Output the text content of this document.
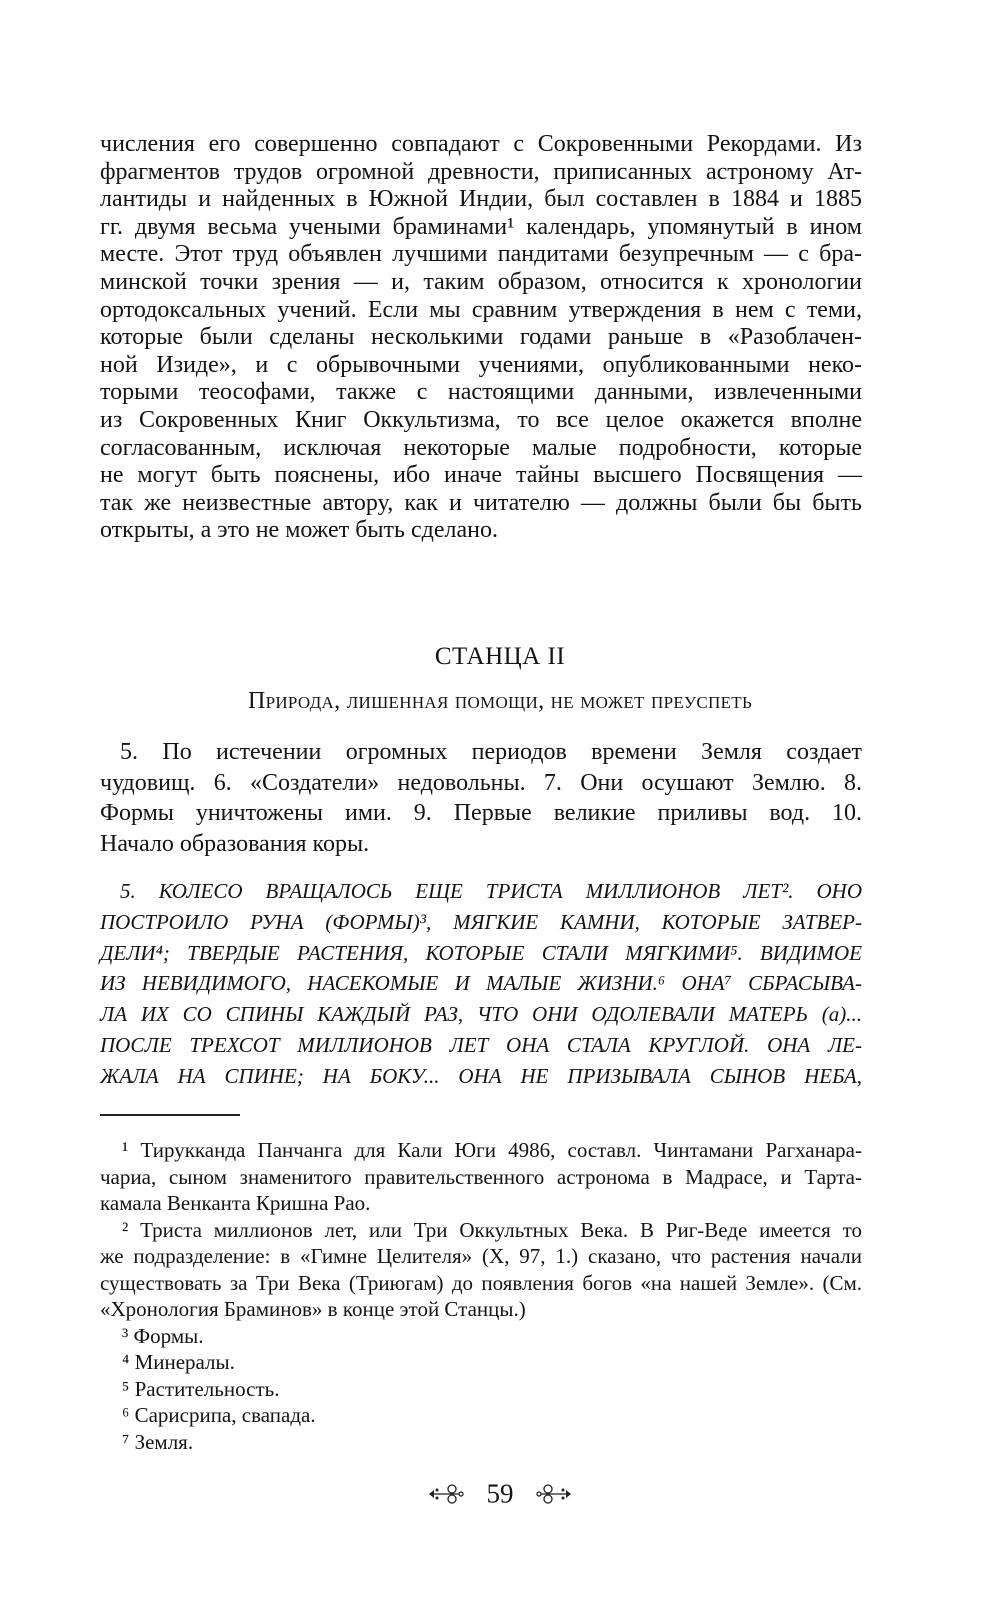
числения его совершенно совпадают с Сокровенными Рекордами. Из
фрагментов трудов огромной древности, приписанных астроному Ат-
лантиды и найденных в Южной Индии, был составлен в 1884 и 1885
гг. двумя весьма учеными браминами¹ календарь, упомянутый в ином
месте. Этот труд объявлен лучшими пандитами безупречным — с бра-
минской точки зрения — и, таким образом, относится к хронологии
ортодоксальных учений. Если мы сравним утверждения в нем с теми,
которые были сделаны несколькими годами раньше в «Разоблачен-
ной Изиде», и с обрывочными учениями, опубликованными неко-
торыми теософами, также с настоящими данными, извлеченными
из Сокровенных Книг Оккультизма, то все целое окажется вполне
согласованным, исключая некоторые малые подробности, которые
не могут быть пояснены, ибо иначе тайны высшего Посвящения —
так же неизвестные автору, как и читателю — должны были бы быть
открыты, а это не может быть сделано.
СТАНЦА II
Природа, лишенная помощи, не может преуспеть
5. По истечении огромных периодов времени Земля создает
чудовищ. 6. «Создатели» недовольны. 7. Они осушают Землю. 8.
Формы уничтожены ими. 9. Первые великие приливы вод. 10.
Начало образования коры.
5. КОЛЕСО ВРАЩАЛОСЬ ЕЩЕ ТРИСТА МИЛЛИОНОВ ЛЕТ². ОНО
ПОСТРОИЛО РУНА (ФОРМЫ)³, МЯГКИЕ КАМНИ, КОТОРЫЕ ЗАТВЕР-
ДЕЛИ⁴; ТВЕРДЫЕ РАСТЕНИЯ, КОТОРЫЕ СТАЛИ МЯГКИМИ⁵. ВИДИМОЕ
ИЗ НЕВИДИМОГО, НАСЕКОМЫЕ И МАЛЫЕ ЖИЗНИ.⁶ ОНА⁷ СБРАСЫВА-
ЛА ИХ СО СПИНЫ КАЖДЫЙ РАЗ, ЧТО ОНИ ОДОЛЕВАЛИ МАТЕРЬ (а)...
ПОСЛЕ ТРЕХСОТ МИЛЛИОНОВ ЛЕТ ОНА СТАЛА КРУГЛОЙ. ОНА ЛЕ-
ЖАЛА НА СПИНЕ; НА БОКУ... ОНА НЕ ПРИЗЫВАЛА СЫНОВ НЕБА,
¹ Тирукканда Панчанга для Кали Юги 4986, составл. Чинтамани Рагханара-
чариа, сыном знаменитого правительственного астронома в Мадрасе, и Тарта-
камала Венканта Кришна Рао.
² Триста миллионов лет, или Три Оккультных Века. В Риг-Веде имеется то
же подразделение: в «Гимне Целителя» (X, 97, 1.) сказано, что растения начали
существовать за Три Века (Триюгам) до появления богов «на нашей Земле». (См.
«Хронология Браминов» в конце этой Станцы.)
³ Формы.
⁴ Минералы.
⁵ Растительность.
⁶ Сарисрипа, свапада.
⁷ Земля.
59
